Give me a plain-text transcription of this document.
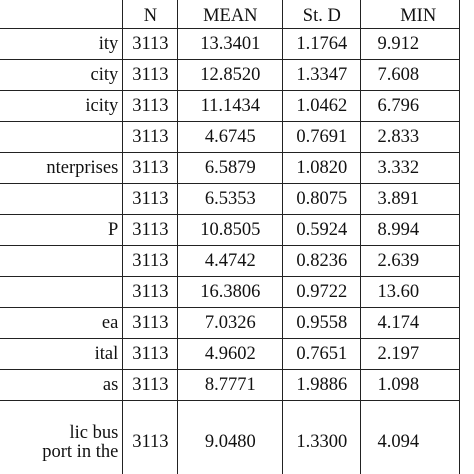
	N	MEAN	St. D	MIN

ity	3113	13.3401	1.1764	9.912

city	3113	12.8520	1.3347	7.608

icity	3113	11.1434	1.0462	6.796

	3113	4.6745	0.7691	2.833

nterprises	3113	6.5879	1.0820	3.332

	3113	6.5353	0.8075	3.891

P	3113	10.8505	0.5924	8.994

	3113	4.4742	0.8236	2.639

	3113	16.3806	0.9722	13.60

ea	3113	7.0326	0.9558	4.174

ital	3113	4.9602	0.7651	2.197

as	3113	8.7771	1.9886	1.098

lic bus
port in the	3113	9.0480	1.3300	4.094
